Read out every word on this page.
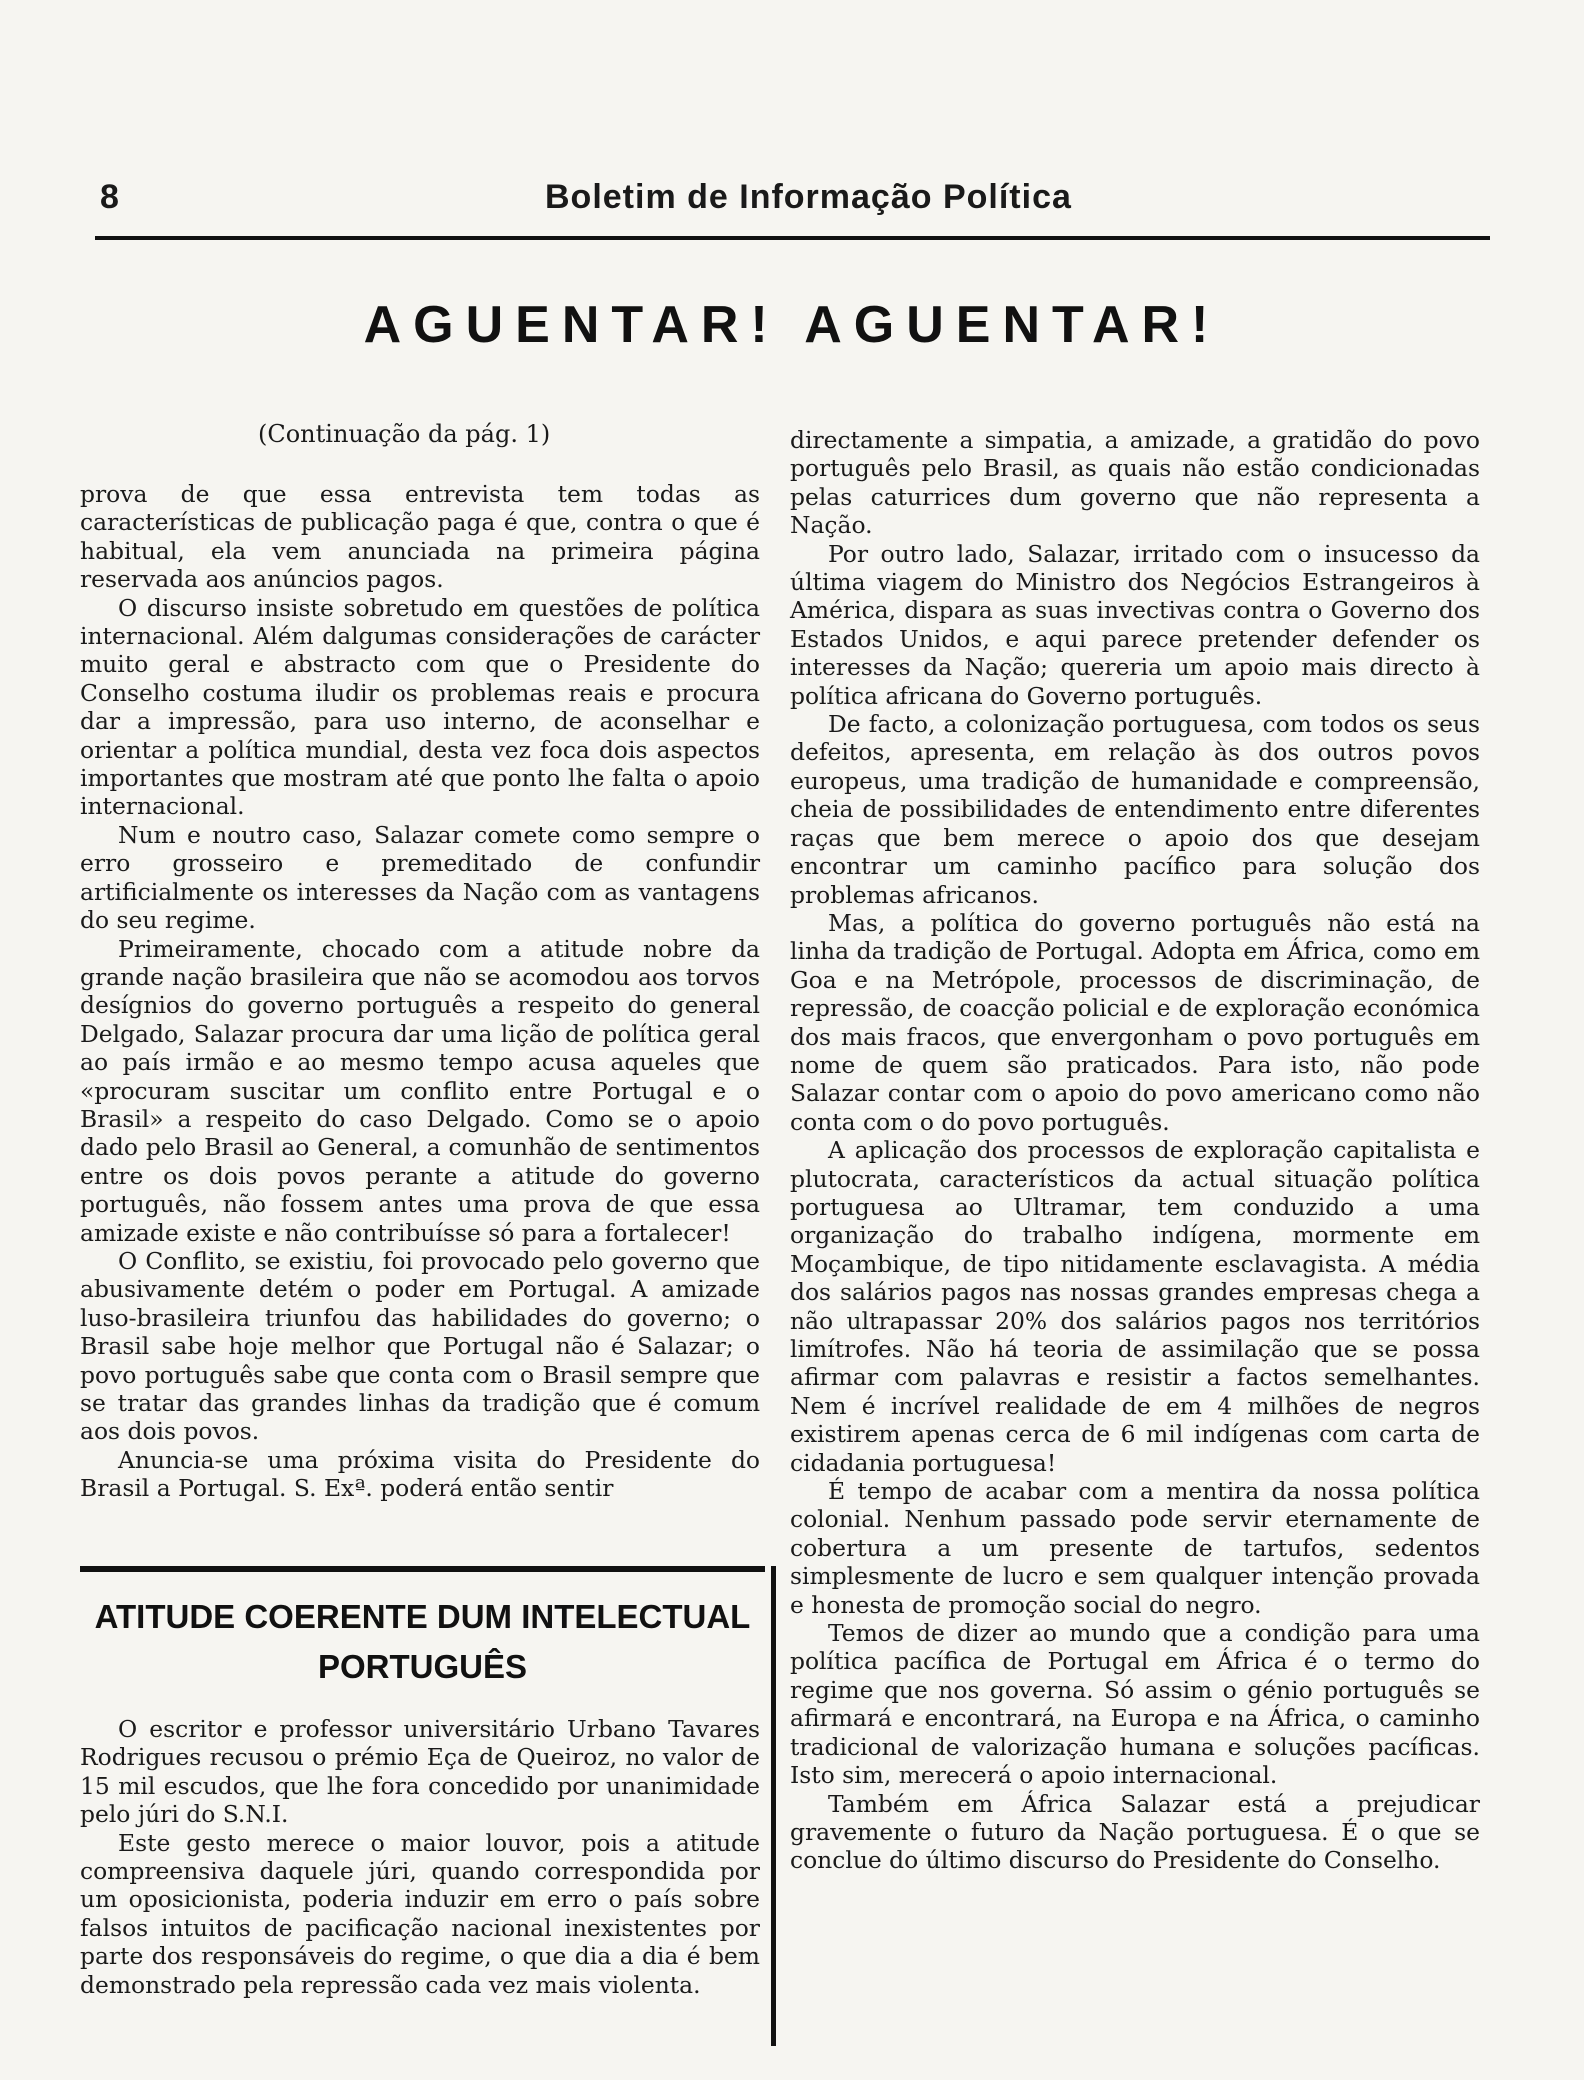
8	Boletim de Informação Política
AGUENTAR! AGUENTAR!
(Continuação da pág. 1)

prova de que essa entrevista tem todas as características de publicação paga é que, contra o que é habitual, ela vem anunciada na primeira página reservada aos anúncios pagos.

O discurso insiste sobretudo em questões de política internacional. Além dalgumas considerações de carácter muito geral e abstracto com que o Presidente do Conselho costuma iludir os problemas reais e procura dar a impressão, para uso interno, de aconselhar e orientar a política mundial, desta vez foca dois aspectos importantes que mostram até que ponto lhe falta o apoio internacional.

Num e noutro caso, Salazar comete como sempre o erro grosseiro e premeditado de confundir artificialmente os interesses da Nação com as vantagens do seu regime.

Primeiramente, chocado com a atitude nobre da grande nação brasileira que não se acomodou aos torvos desígnios do governo português a respeito do general Delgado, Salazar procura dar uma lição de política geral ao país irmão e ao mesmo tempo acusa aqueles que «procuram suscitar um conflito entre Portugal e o Brasil» a respeito do caso Delgado. Como se o apoio dado pelo Brasil ao General, a comunhão de sentimentos entre os dois povos perante a atitude do governo português, não fossem antes uma prova de que essa amizade existe e não contribuísse só para a fortalecer!

O Conflito, se existiu, foi provocado pelo governo que abusivamente detém o poder em Portugal. A amizade luso-brasileira triunfou das habilidades do governo; o Brasil sabe hoje melhor que Portugal não é Salazar; o povo português sabe que conta com o Brasil sempre que se tratar das grandes linhas da tradição que é comum aos dois povos.

Anuncia-se uma próxima visita do Presidente do Brasil a Portugal. S. Exª. poderá então sentir

directamente a simpatia, a amizade, a gratidão do povo português pelo Brasil, as quais não estão condicionadas pelas caturrices dum governo que não representa a Nação.

Por outro lado, Salazar, irritado com o insucesso da última viagem do Ministro dos Negócios Estrangeiros à América, dispara as suas invectivas contra o Governo dos Estados Unidos, e aqui parece pretender defender os interesses da Nação; quereria um apoio mais directo à política africana do Governo português.

De facto, a colonização portuguesa, com todos os seus defeitos, apresenta, em relação às dos outros povos europeus, uma tradição de humanidade e compreensão, cheia de possibilidades de entendimento entre diferentes raças que bem merece o apoio dos que desejam encontrar um caminho pacífico para solução dos problemas africanos.

Mas, a política do governo português não está na linha da tradição de Portugal. Adopta em África, como em Goa e na Metrópole, processos de discriminação, de repressão, de coacção policial e de exploração económica dos mais fracos, que envergonham o povo português em nome de quem são praticados. Para isto, não pode Salazar contar com o apoio do povo americano como não conta com o do povo português.

A aplicação dos processos de exploração capitalista e plutocrata, característicos da actual situação política portuguesa ao Ultramar, tem conduzido a uma organização do trabalho indígena, mormente em Moçambique, de tipo nitidamente esclavagista. A média dos salários pagos nas nossas grandes empresas chega a não ultrapassar 20% dos salários pagos nos territórios limítrofes. Não há teoria de assimilação que se possa afirmar com palavras e resistir a factos semelhantes. Nem é incrível realidade de em 4 milhões de negros existirem apenas cerca de 6 mil indígenas com carta de cidadania portuguesa!

É tempo de acabar com a mentira da nossa política colonial. Nenhum passado pode servir eternamente de cobertura a um presente de tartufos, sedentos simplesmente de lucro e sem qualquer intenção provada e honesta de promoção social do negro.

Temos de dizer ao mundo que a condição para uma política pacífica de Portugal em África é o termo do regime que nos governa. Só assim o génio português se afirmará e encontrará, na Europa e na África, o caminho tradicional de valorização humana e soluções pacíficas. Isto sim, merecerá o apoio internacional.

Também em África Salazar está a prejudicar gravemente o futuro da Nação portuguesa. É o que se conclue do último discurso do Presidente do Conselho.

ATITUDE COERENTE DUM INTELECTUAL
PORTUGUÊS

O escritor e professor universitário Urbano Tavares Rodrigues recusou o prémio Eça de Queiroz, no valor de 15 mil escudos, que lhe fora concedido por unanimidade pelo júri do S.N.I.

Este gesto merece o maior louvor, pois a atitude compreensiva daquele júri, quando correspondida por um oposicionista, poderia induzir em erro o país sobre falsos intuitos de pacificação nacional inexistentes por parte dos responsáveis do regime, o que dia a dia é bem demonstrado pela repressão cada vez mais violenta.
